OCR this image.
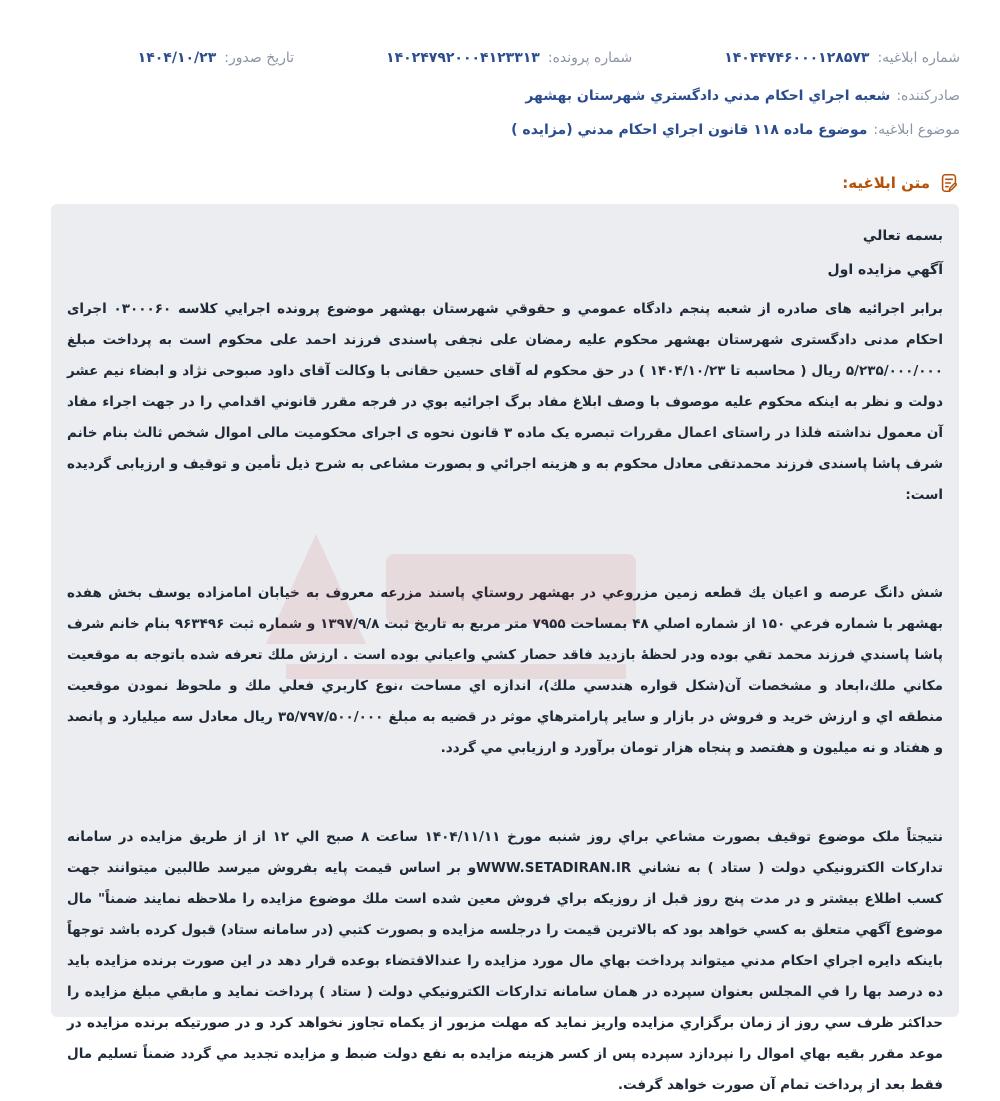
شماره ابلاغيه:
۱۴۰۴۴۷۴۶۰۰۰۱۲۸۵۷۳
شماره پرونده:
۱۴۰۲۴۷۹۲۰۰۰۴۱۲۳۳۱۳
تاريخ صدور:
۱۴۰۴/۱۰/۲۳
صادرکننده:
شعبه اجراي احكام مدني دادگستري شهرستان بهشهر
موضوع ابلاغيه:
موضوع ماده ۱۱۸ قانون اجراي احكام مدني (مزايده )
متن ابلاغيه:
بسمه تعالي
آگهي مزايده اول
برابر اجرائيه هاى صادره از شعبه پنجم دادگاه عمومي و حقوقي شهرستان بهشهر موضوع پرونده اجرايي كلاسه ۰۳۰۰۰۶۰ اجراى احكام مدنى دادگسترى شهرستان بهشهر محكوم عليه رمضان على نجفى پاسندى فرزند احمد على محكوم است به پرداخت مبلغ ۵/۲۳۵/۰۰۰/۰۰۰ ريال ( محاسبه تا ۱۴۰۴/۱۰/۲۳ ) در حق محكوم له آقاى حسين حقانى با وكالت آقاى داود صبوحى نژاد و ابضاء نيم عشر دولت و نظر به اينكه محكوم عليه موصوف با وصف ابلاغ مفاد برگ اجرائيه بوي در فرجه مقرر قانوني اقدامي را در جهت اجراء مفاد آن معمول نداشته فلذا در راستاى اعمال مقررات تبصره يک ماده ۳ قانون نحوه ى اجراى محكوميت مالى اموال شخص ثالث بنام خانم شرف پاشا پاسندى فرزند محمدتقى معادل محكوم به و هزينه اجرائي و بصورت مشاعى به شرح ذيل تأمين و توقيف و ارزيابى گرديده است:
شش دانگ عرصه و اعيان يك قطعه زمين مزروعي در بهشهر روستاي پاسند مزرعه معروف به خيابان امامزاده يوسف بخش هفده بهشهر با شماره فرعي ۱۵۰ از شماره اصلي ۴۸ بمساحت ۷۹۵۵ متر مربع به تاريخ ثبت ۱۳۹۷/۹/۸ و شماره ثبت ۹۶۳۴۹۶ بنام خانم شرف پاشا پاسندي فرزند محمد تقي بوده ودر لحظهٔ بازديد فاقد حصار كشي واعياني بوده است . ارزش ملك تعرفه شده باتوجه به موقعيت مكاني ملك،ابعاد و مشخصات آن(شكل قواره هندسي ملك)، اندازه اي مساحت ،نوع كاربري فعلي ملك و ملحوظ نمودن موقعيت منطقه اي و ارزش خريد و فروش در بازار و ساير پارامترهاي موثر در قضيه به مبلغ ۳۵/۷۹۷/۵۰۰/۰۰۰ ريال معادل سه ميليارد و پانصد و هفتاد و نه ميليون و هفتصد و پنجاه هزار تومان برآورد و ارزيابي مي گردد.
نتيجتاً ملک موضوع توقيف بصورت مشاعي براي روز شنبه مورخ ۱۴۰۴/۱۱/۱۱ ساعت ۸ صبح الي ۱۲ از از طريق مزايده در سامانه تداركات الكترونيكي دولت ( ستاد ) به نشاني WWW.SETADIRAN.IRو بر اساس قيمت پايه بفروش ميرسد طالبين ميتوانند جهت كسب اطلاع بيشتر و در مدت پنج روز قبل از روزيكه براي فروش معين شده است ملك موضوع مزايده را ملاحظه نمايند ضمناً" مال موضوع آگهي متعلق به كسي خواهد بود كه بالاترين قيمت را درجلسه مزايده و بصورت كتبي (در سامانه ستاد) قبول كرده باشد توجهاً باينكه دايره اجراي احكام مدني ميتواند پرداخت بهاي مال مورد مزايده را عندالاقتضاء بوعده قرار دهد در اين صورت برنده مزايده بايد ده درصد بها را في المجلس بعنوان سپرده در همان سامانه تداركات الكترونيكي دولت ( ستاد ) پرداخت نمايد و مابقي مبلغ مزايده را حداكثر ظرف سي روز از زمان برگزاري مزايده واريز نمايد كه مهلت مزبور از يكماه تجاوز نخواهد كرد و در صورتيكه برنده مزايده در موعد مقرر بقيه بهاي اموال را نپردازد سپرده پس از كسر هزينه مزايده به نفع دولت ضبط و مزايده تجديد مي گردد ضمناً تسليم مال فقط بعد از پرداخت تمام آن صورت خواهد گرفت.
